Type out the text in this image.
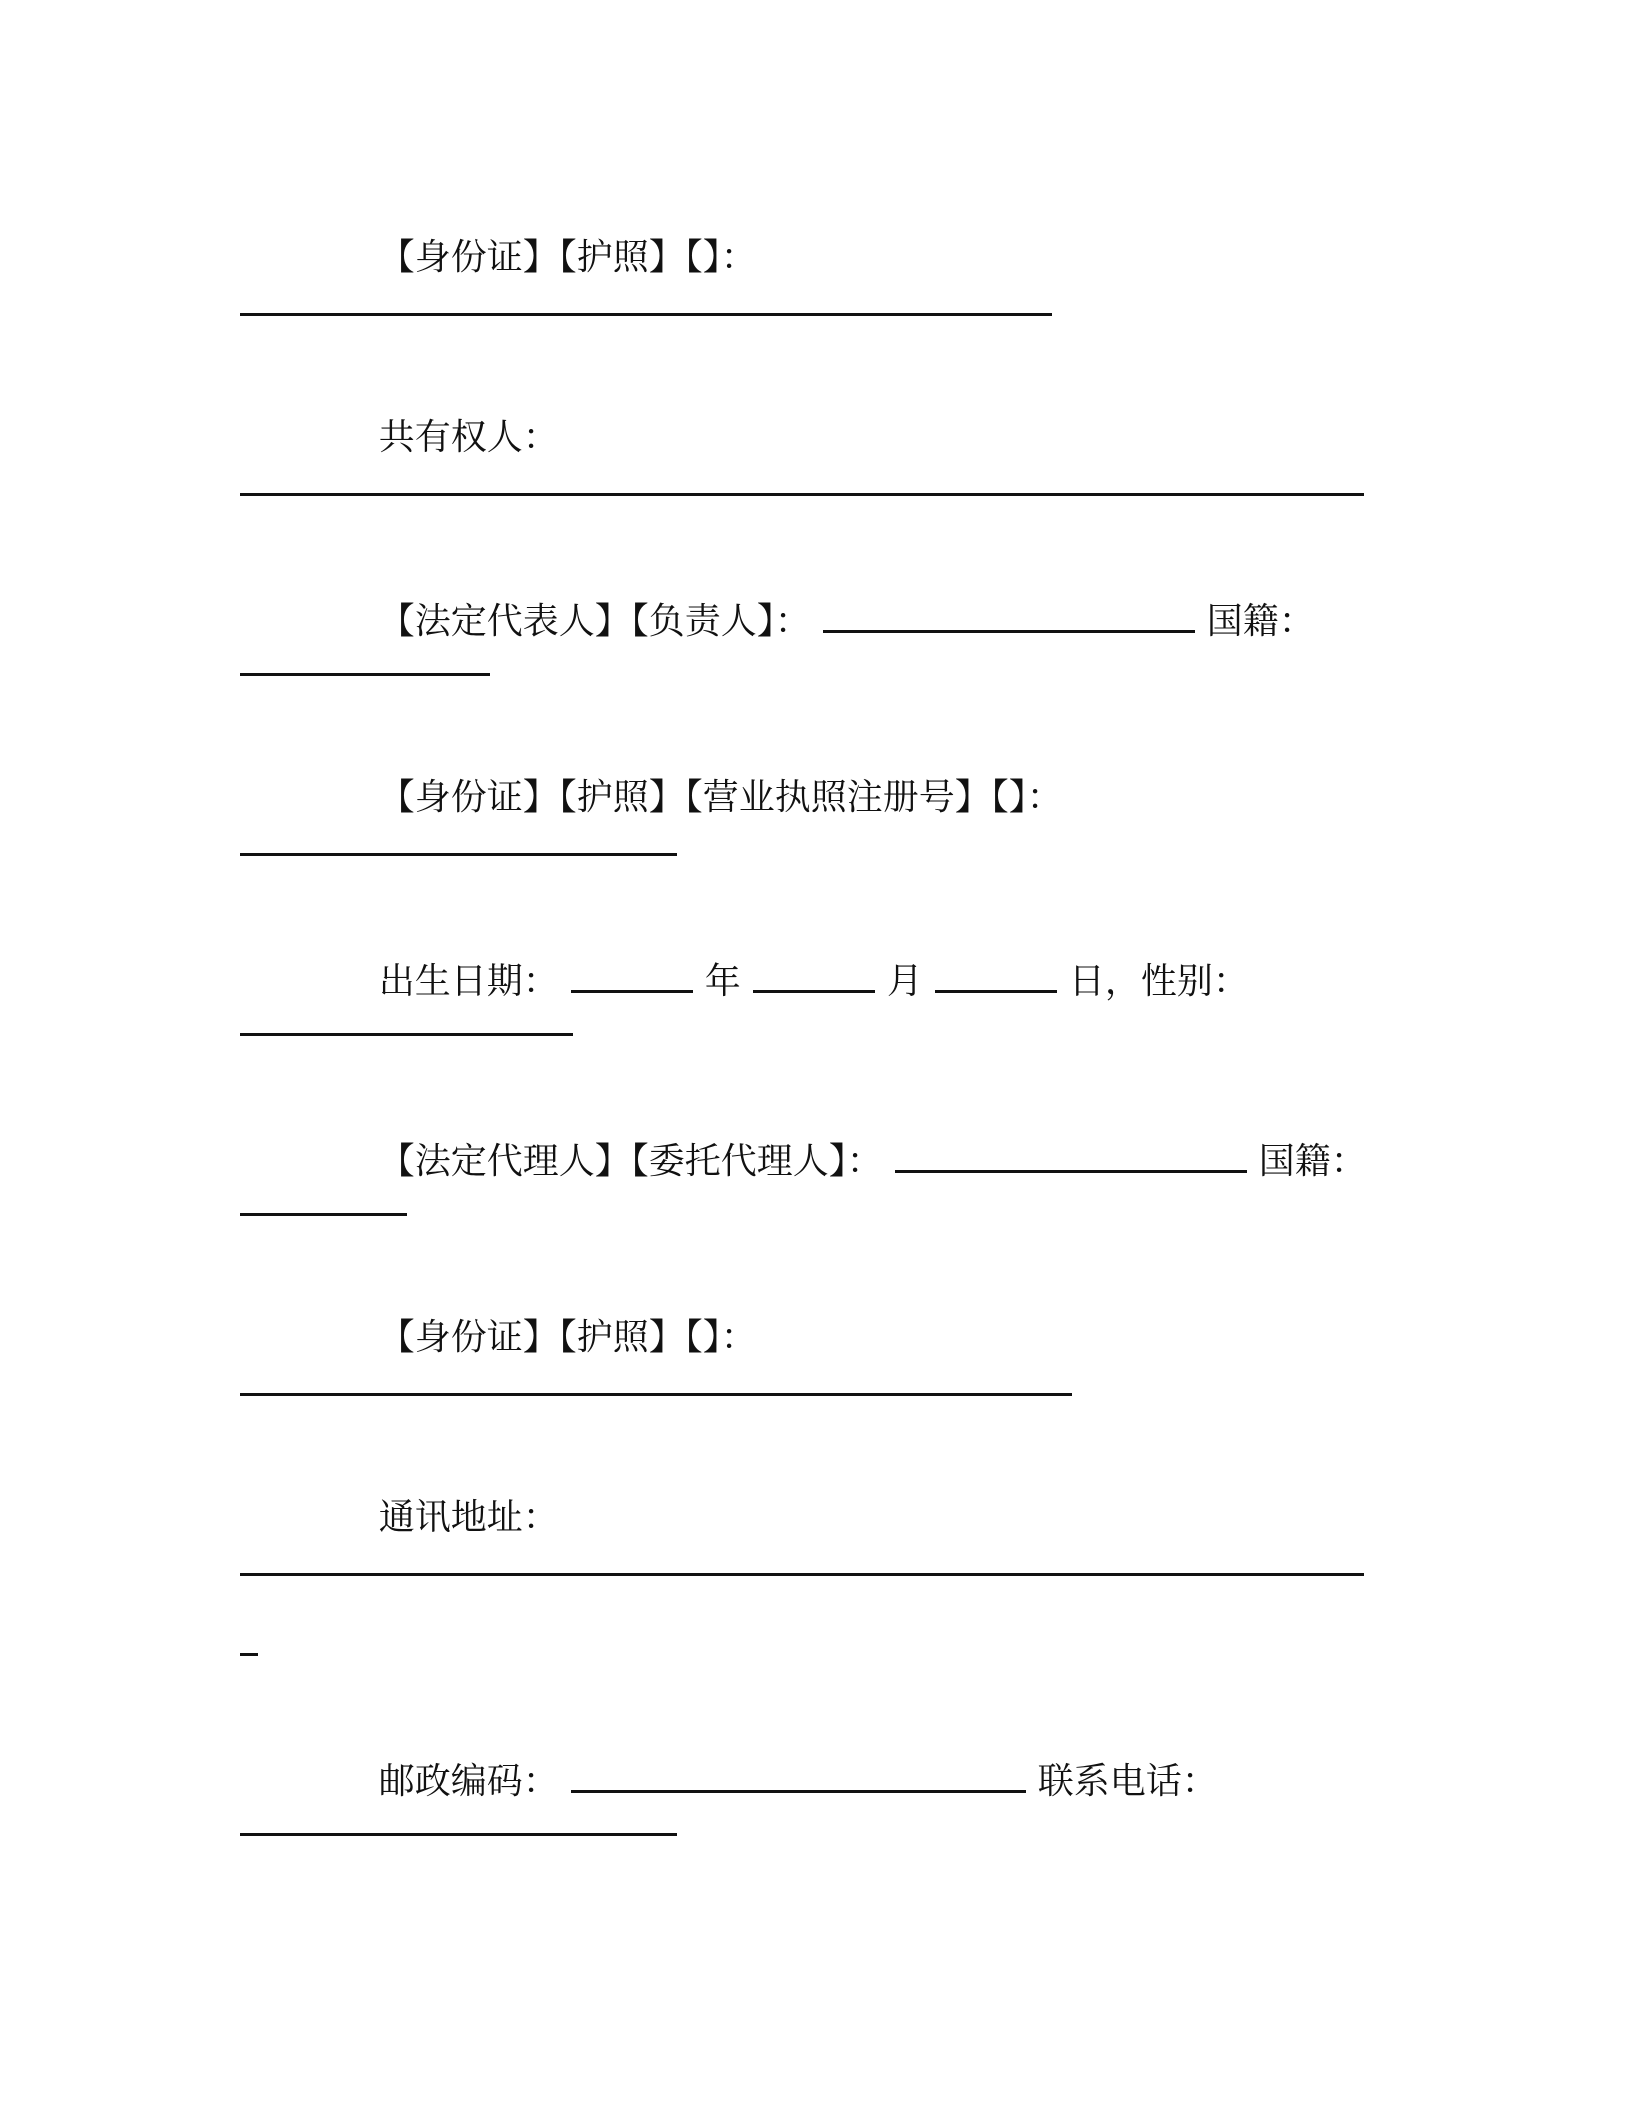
【身份证】【护照】【】：

共有权人：

【法定代表人】【负责人】：	国籍：

【身份证】【护照】【营业执照注册号】【】：

出生日期：	年	月	日，性别：

【法定代理人】【委托代理人】：	国籍：

【身份证】【护照】【】：

通讯地址：

邮政编码：	联系电话：
